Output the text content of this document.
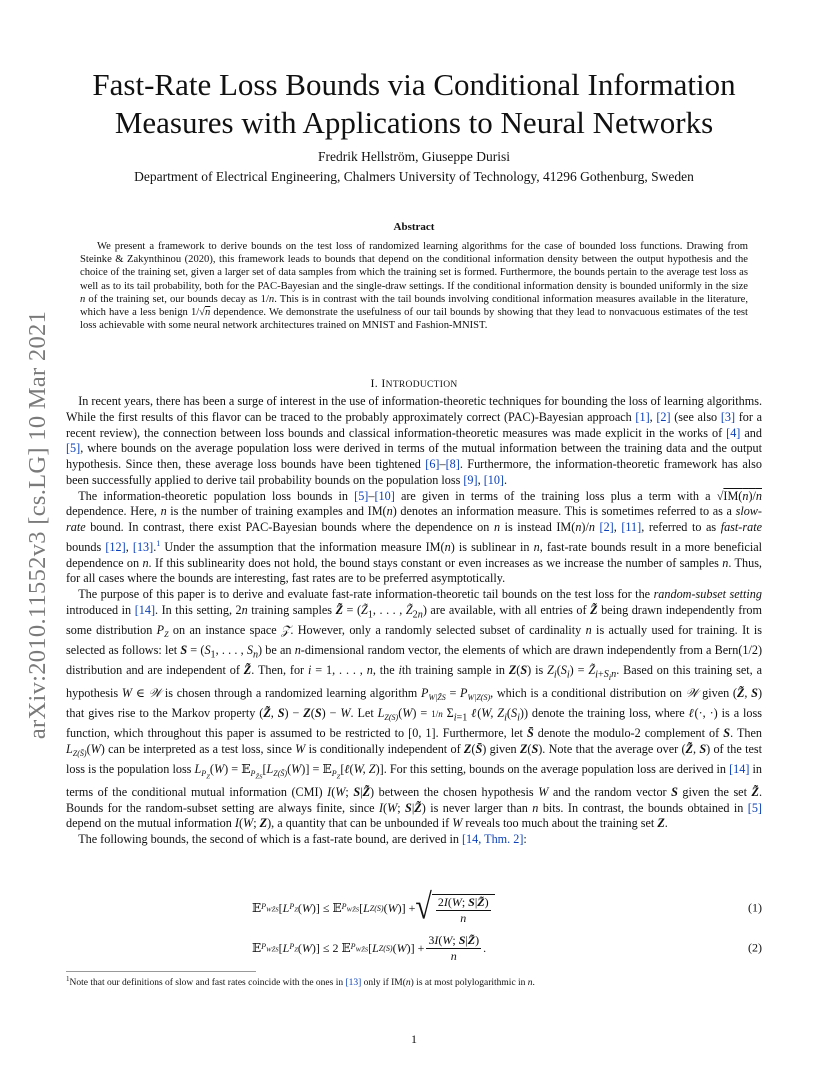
arXiv:2010.11552v3 [cs.LG] 10 Mar 2021
Fast-Rate Loss Bounds via Conditional Information
Measures with Applications to Neural Networks
Fredrik Hellström, Giuseppe Durisi
Department of Electrical Engineering, Chalmers University of Technology, 41296 Gothenburg, Sweden
Abstract
We present a framework to derive bounds on the test loss of randomized learning algorithms for the case of bounded loss functions. Drawing from Steinke & Zakynthinou (2020), this framework leads to bounds that depend on the conditional information density between the output hypothesis and the choice of the training set, given a larger set of data samples from which the training set is formed. Furthermore, the bounds pertain to the average test loss as well as to its tail probability, both for the PAC-Bayesian and the single-draw settings. If the conditional information density is bounded uniformly in the size n of the training set, our bounds decay as 1/n. This is in contrast with the tail bounds involving conditional information measures available in the literature, which have a less benign 1/√n dependence. We demonstrate the usefulness of our tail bounds by showing that they lead to nonvacuous estimates of the test loss achievable with some neural network architectures trained on MNIST and Fashion-MNIST.
I. INTRODUCTION

In recent years, there has been a surge of interest in the use of information-theoretic techniques for bounding the loss of learning algorithms. While the first results of this flavor can be traced to the probably approximately correct (PAC)-Bayesian approach [1], [2] (see also [3] for a recent review), the connection between loss bounds and classical information-theoretic measures was made explicit in the works of [4] and [5], where bounds on the average population loss were derived in terms of the mutual information between the training data and the output hypothesis. Since then, these average loss bounds have been tightened [6]–[8]. Furthermore, the information-theoretic framework has also been successfully applied to derive tail probability bounds on the population loss [9], [10].

The information-theoretic population loss bounds in [5]–[10] are given in terms of the training loss plus a term with a √IM(n)/n dependence. Here, n is the number of training examples and IM(n) denotes an information measure. This is sometimes referred to as a slow-rate bound. In contrast, there exist PAC-Bayesian bounds where the dependence on n is instead IM(n)/n [2], [11], referred to as fast-rate bounds [12], [13].$^1$ Under the assumption that the information measure IM(n) is sublinear in n, fast-rate bounds result in a more beneficial dependence on n. If this sublinearity does not hold, the bound stays constant or even increases as we increase the number of samples n. Thus, for all cases where the bounds are interesting, fast rates are to be preferred asymptotically.

The purpose of this paper is to derive and evaluate fast-rate information-theoretic tail bounds on the test loss for the random-subset setting introduced in [14]. In this setting, 2n training samples Z̃ = ($Z̃_1$, . . . , $Z̃_{2n}$) are available, with all entries of Z̃ being drawn independently from some distribution $P_Z$ on an instance space 𝒵. However, only a randomly selected subset of cardinality n is actually used for training. It is selected as follows: let $S = (S_1$, . . . , $S_n$) be an n-dimensional random vector, the elements of which are drawn independently from a Bern(1/2) distribution and are independent of Z̃. Then, for i = 1, . . . , n, the ith training sample in Z(S) is $Z_i(S_i)$ = $Z̃_{i+S_in}$. Based on this training set, a hypothesis W ∈ 𝒲 is chosen through a randomized learning algorithm $P_{W|Z̃S} = P_{W|Z(S)}$, which is a conditional distribution on 𝒲 given (Z̃, S) that gives rise to the Markov property (Z̃, S) − Z(S) − W. Let $L_{Z(S)}(W) = 1/n$ $\Sigma_{i=1}$ ℓ(W, $Z_i(S_i)$) denote the training loss, where ℓ(·, ·) is a loss function, which throughout this paper is assumed to be restricted to [0, 1]. Furthermore, let S̄ denote the modulo-2 complement of S. Then $L_{Z(S̄)}(W)$ can be interpreted as a test loss, since W is conditionally independent of Z(S̄) given Z(S). Note that the average over (Z̃, S) of the test loss is the population loss $L_{P_Z}(W)$ = $𝔼_{P_{Z̃S}}[L_{Z(S̄)}(W)]$ = 𝔼$_{P_Z}$[ℓ(W, Z)]. For this setting, bounds on the average population loss are derived in [14] in terms of the conditional mutual information (CMI) I(W; S|Z̃) between the chosen hypothesis W and the random vector S given the set Z̃. Bounds for the random-subset setting are always finite, since I(W; S|Z̃) is never larger than n bits. In contrast, the bounds obtained in [5] depend on the mutual information I(W; Z), a quantity that can be unbounded if W reveals too much about the training set Z.

The following bounds, the second of which is a fast-rate bound, are derived in [14, Thm. 2]:

𝔼 $P_{WZ̃S}$ [ L $P_Z$ ( W )] ≤ 𝔼 $P_{WZ̃S}$ [ L Z(S) ( W )] + √ $\frac{2I(W; S|Z̃)}{n}$	(1)
𝔼 $P_{WZ̃S}$ [ L $P_Z$ ( W )] ≤ 2 𝔼 $P_{WZ̃S}$ [ L Z(S) ( W )] + $\frac{3I(W; S|Z̃)}{n}$ .	(2)
$^1$Note that our definitions of slow and fast rates coincide with the ones in [13] only if IM(n) is at most polylogarithmic in n.
1
